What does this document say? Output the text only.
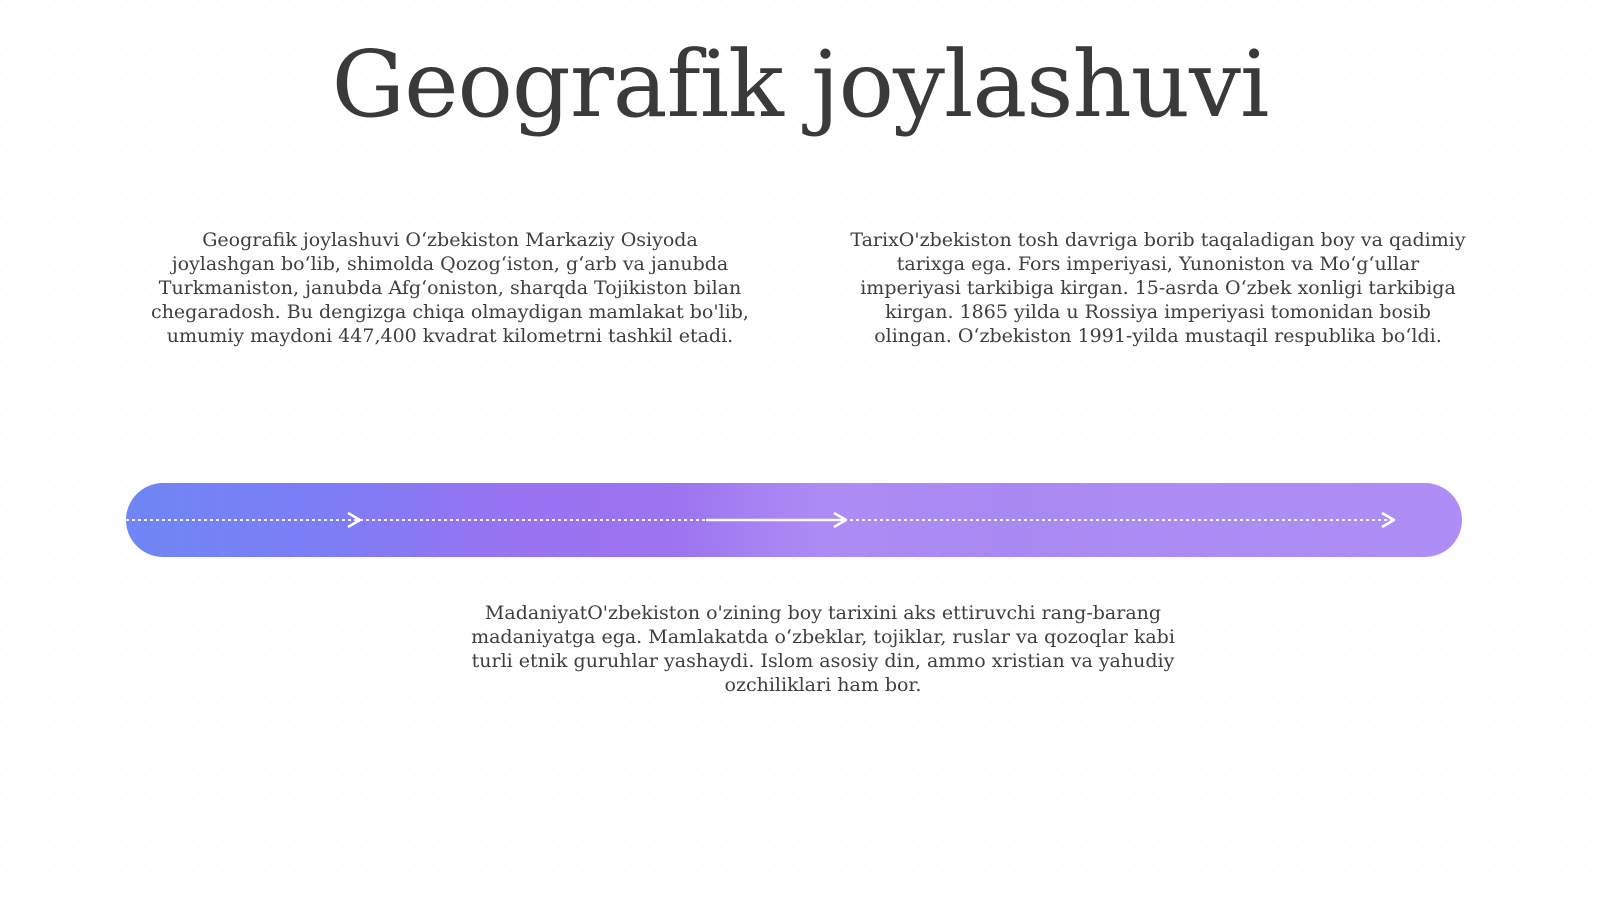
Geografik joylashuvi

Geografik joylashuvi O‘zbekiston Markaziy Osiyoda joylashgan bo‘lib, shimolda Qozog‘iston, g‘arb va janubda Turkmaniston, janubda Afg‘oniston, sharqda Tojikiston bilan chegaradosh. Bu dengizga chiqa olmaydigan mamlakat bo'lib, umumiy maydoni 447,400 kvadrat kilometrni tashkil etadi.

TarixO'zbekiston tosh davriga borib taqaladigan boy va qadimiy tarixga ega. Fors imperiyasi, Yunoniston va Mo‘g‘ullar imperiyasi tarkibiga kirgan. 15-asrda O‘zbek xonligi tarkibiga kirgan. 1865 yilda u Rossiya imperiyasi tomonidan bosib olingan. O‘zbekiston 1991-yilda mustaqil respublika bo‘ldi.

MadaniyatO'zbekiston o'zining boy tarixini aks ettiruvchi rang-barang madaniyatga ega. Mamlakatda o‘zbeklar, tojiklar, ruslar va qozoqlar kabi turli etnik guruhlar yashaydi. Islom asosiy din, ammo xristian va yahudiy ozchiliklari ham bor.
